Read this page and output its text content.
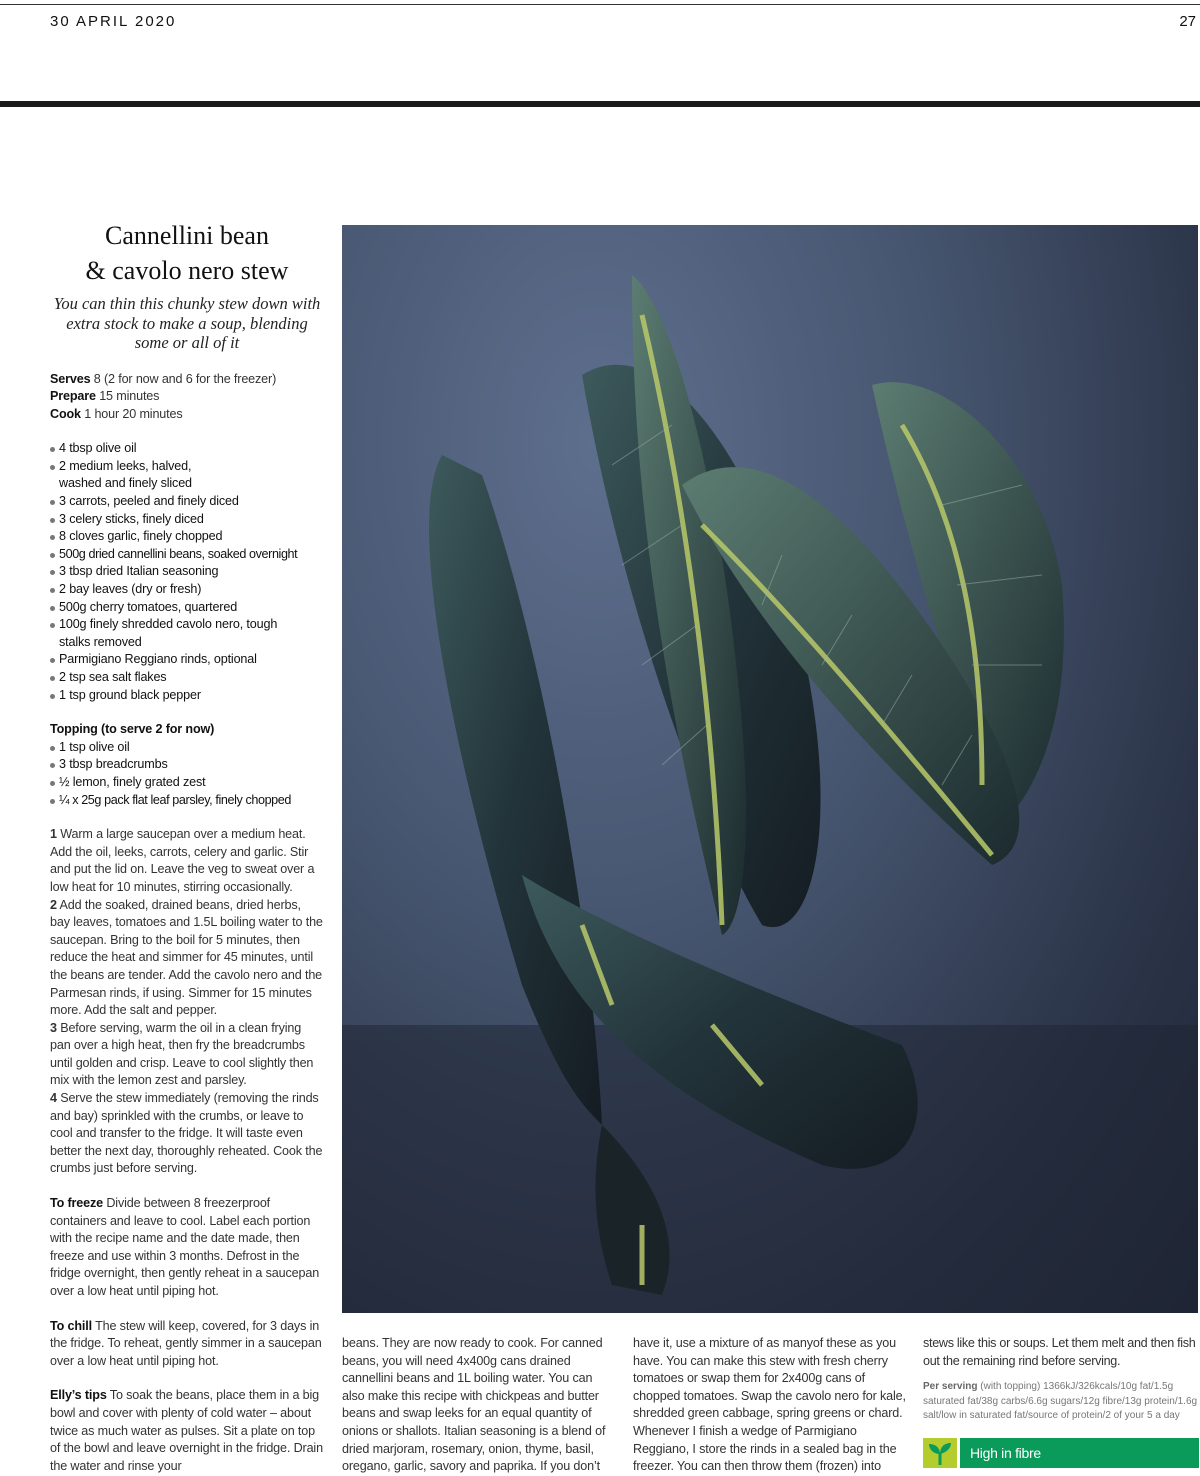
30 APRIL 2020	27
Cannellini bean
& cavolo nero stew

You can thin this chunky stew down with extra stock to make a soup, blending some or all of it

Serves 8 (2 for now and 6 for the freezer)
Prepare 15 minutes
Cook 1 hour 20 minutes
4 tbsp olive oil
2 medium leeks, halved, washed and finely sliced
3 carrots, peeled and finely diced
3 celery sticks, finely diced
8 cloves garlic, finely chopped
500g dried cannellini beans, soaked overnight
3 tbsp dried Italian seasoning
2 bay leaves (dry or fresh)
500g cherry tomatoes, quartered
100g finely shredded cavolo nero, tough stalks removed
Parmigiano Reggiano rinds, optional
2 tsp sea salt flakes
1 tsp ground black pepper
Topping (to serve 2 for now)
1 tsp olive oil
3 tbsp breadcrumbs
½ lemon, finely grated zest
¼ x 25g pack flat leaf parsley, finely chopped
1 Warm a large saucepan over a medium heat. Add the oil, leeks, carrots, celery and garlic. Stir and put the lid on. Leave the veg to sweat over a low heat for 10 minutes, stirring occasionally.
2 Add the soaked, drained beans, dried herbs, bay leaves, tomatoes and 1.5L boiling water to the saucepan. Bring to the boil for 5 minutes, then reduce the heat and simmer for 45 minutes, until the beans are tender. Add the cavolo nero and the Parmesan rinds, if using. Simmer for 15 minutes more. Add the salt and pepper.
3 Before serving, warm the oil in a clean frying pan over a high heat, then fry the breadcrumbs until golden and crisp. Leave to cool slightly then mix with the lemon zest and parsley.
4 Serve the stew immediately (removing the rinds and bay) sprinkled with the crumbs, or leave to cool and transfer to the fridge. It will taste even better the next day, thoroughly reheated. Cook the crumbs just before serving.

To freeze Divide between 8 freezerproof containers and leave to cool. Label each portion with the recipe name and the date made, then freeze and use within 3 months. Defrost in the fridge overnight, then gently reheat in a saucepan over a low heat until piping hot.

To chill The stew will keep, covered, for 3 days in the fridge. To reheat, gently simmer in a saucepan over a low heat until piping hot.

Elly’s tips To soak the beans, place them in a big bowl and cover with plenty of cold water – about twice as much water as pulses. Sit a plate on top of the bowl and leave overnight in the fridge. Drain the water and rinse your

beans. They are now ready to cook. For canned beans, you will need 4x400g cans drained cannellini beans and 1L boiling water. You can also make this recipe with chickpeas and butter beans and swap leeks for an equal quantity of onions or shallots. Italian seasoning is a blend of dried marjoram, rosemary, onion, thyme, basil, oregano, garlic, savory and paprika. If you don’t
have it, use a mixture of as manyof these as you have. You can make this stew with fresh cherry tomatoes or swap them for 2x400g cans of chopped tomatoes. Swap the cavolo nero for kale, shredded green cabbage, spring greens or chard. Whenever I finish a wedge of Parmigiano Reggiano, I store the rinds in a sealed bag in the freezer. You can then throw them (frozen) into
stews like this or soups. Let them melt and then fish out the remaining rind before serving.
Per serving (with topping) 1366kJ/326kcals/10g fat/1.5g saturated fat/38g carbs/6.6g sugars/12g fibre/13g protein/1.6g salt/low in saturated fat/source of protein/2 of your 5 a day
High in fibre
